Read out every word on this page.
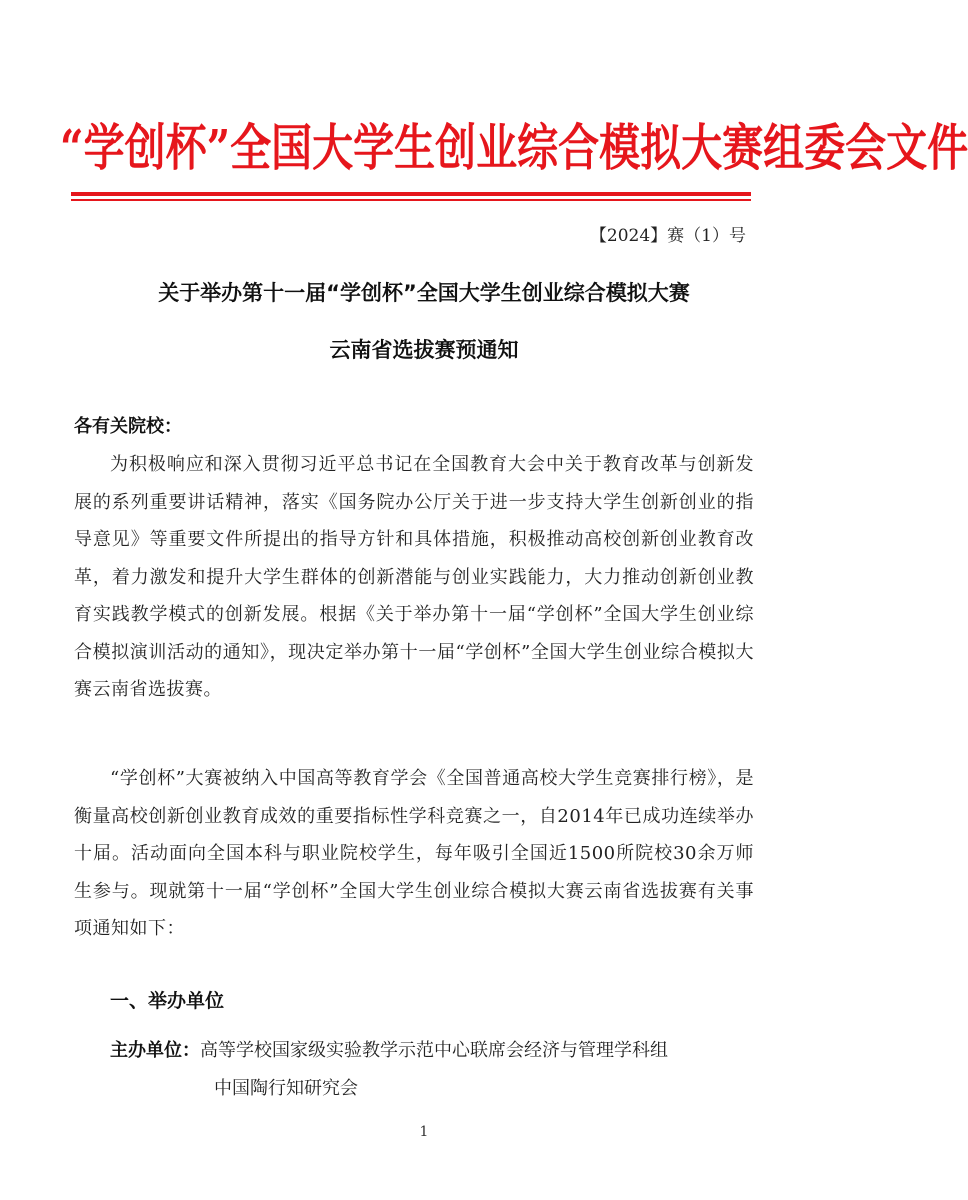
“学创杯”全国大学生创业综合模拟大赛组委会文件
【2024】赛（1）号
关于举办第十一届“学创杯”全国大学生创业综合模拟大赛
云南省选拔赛预通知
各有关院校：
为积极响应和深入贯彻习近平总书记在全国教育大会中关于教育改革与创新发展的系列重要讲话精神，落实《国务院办公厅关于进一步支持大学生创新创业的指导意见》等重要文件所提出的指导方针和具体措施，积极推动高校创新创业教育改革，着力激发和提升大学生群体的创新潜能与创业实践能力，大力推动创新创业教育实践教学模式的创新发展。根据《关于举办第十一届“学创杯”全国大学生创业综合模拟演训活动的通知》，现决定举办第十一届“学创杯”全国大学生创业综合模拟大赛云南省选拔赛。
“学创杯”大赛被纳入中国高等教育学会《全国普通高校大学生竞赛排行榜》，是衡量高校创新创业教育成效的重要指标性学科竞赛之一，自2014年已成功连续举办十届。活动面向全国本科与职业院校学生，每年吸引全国近1500所院校30余万师生参与。现就第十一届“学创杯”全国大学生创业综合模拟大赛云南省选拔赛有关事项通知如下：
一、举办单位
主办单位：高等学校国家级实验教学示范中心联席会经济与管理学科组
中国陶行知研究会
1
